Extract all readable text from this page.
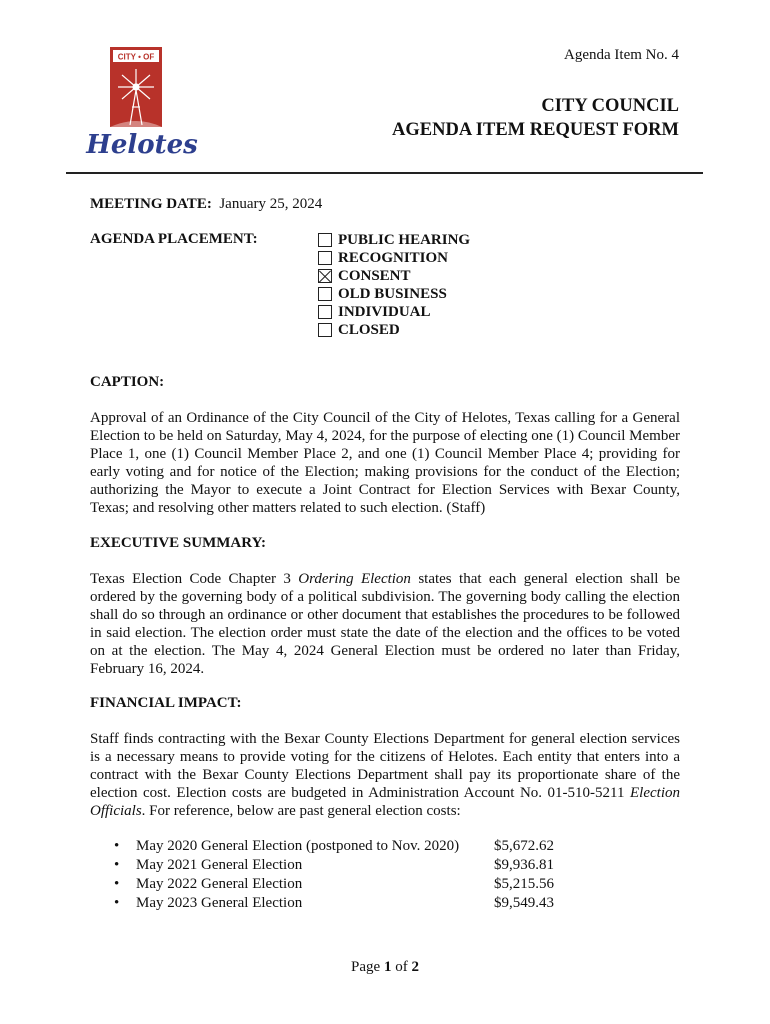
CITY • OF
Helotes
Agenda Item No. 4
CITY COUNCIL
AGENDA ITEM REQUEST FORM
MEETING DATE: January 25, 2024
AGENDA PLACEMENT:	PUBLIC HEARING
RECOGNITION
CONSENT
OLD BUSINESS
INDIVIDUAL
CLOSED
CAPTION:
Approval of an Ordinance of the City Council of the City of Helotes, Texas calling for a General Election to be held on Saturday, May 4, 2024, for the purpose of electing one (1) Council Member Place 1, one (1) Council Member Place 2, and one (1) Council Member Place 4; providing for early voting and for notice of the Election; making provisions for the conduct of the Election; authorizing the Mayor to execute a Joint Contract for Election Services with Bexar County, Texas; and resolving other matters related to such election. (Staff)
EXECUTIVE SUMMARY:
Texas Election Code Chapter 3 Ordering Election states that each general election shall be ordered by the governing body of a political subdivision. The governing body calling the election shall do so through an ordinance or other document that establishes the procedures to be followed in said election. The election order must state the date of the election and the offices to be voted on at the election. The May 4, 2024 General Election must be ordered no later than Friday, February 16, 2024.
FINANCIAL IMPACT:
Staff finds contracting with the Bexar County Elections Department for general election services is a necessary means to provide voting for the citizens of Helotes. Each entity that enters into a contract with the Bexar County Elections Department shall pay its proportionate share of the election cost. Election costs are budgeted in Administration Account No. 01-510-5211 Election Officials. For reference, below are past general election costs:
•	May 2020 General Election (postponed to Nov. 2020)	$5,672.62
•	May 2021 General Election	$9,936.81
•	May 2022 General Election	$5,215.56
•	May 2023 General Election	$9,549.43
Page 1 of 2
